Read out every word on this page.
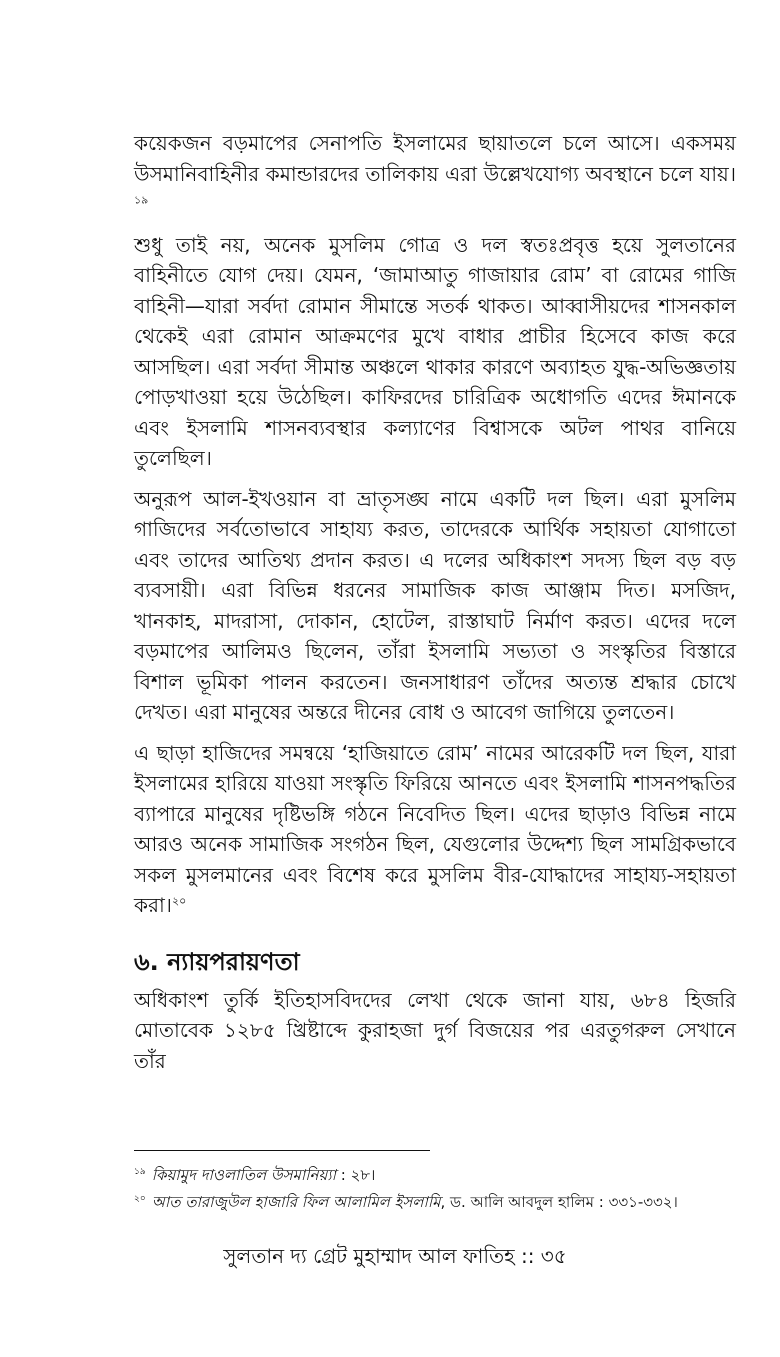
কয়েকজন বড়মাপের সেনাপতি ইসলামের ছায়াতলে চলে আসে। একসময় উসমানিবাহিনীর কমান্ডারদের তালিকায় এরা উল্লেখযোগ্য অবস্থানে চলে যায়।$^{১৯}$

শুধু তাই নয়, অনেক মুসলিম গোত্র ও দল স্বতঃপ্রবৃত্ত হয়ে সুলতানের বাহিনীতে যোগ দেয়। যেমন, ‘জামাআতু গাজায়ার রোম’ বা রোমের গাজি বাহিনী—যারা সর্বদা রোমান সীমান্তে সতর্ক থাকত। আব্বাসীয়দের শাসনকাল থেকেই এরা রোমান আক্রমণের মুখে বাধার প্রাচীর হিসেবে কাজ করে আসছিল। এরা সর্বদা সীমান্ত অঞ্চলে থাকার কারণে অব্যাহত যুদ্ধ-অভিজ্ঞতায় পোড়খাওয়া হয়ে উঠেছিল। কাফিরদের চারিত্রিক অধোগতি এদের ঈমানকে এবং ইসলামি শাসনব্যবস্থার কল্যাণের বিশ্বাসকে অটল পাথর বানিয়ে তুলেছিল।

অনুরূপ আল-ইখওয়ান বা ভ্রাতৃসঙ্ঘ নামে একটি দল ছিল। এরা মুসলিম গাজিদের সর্বতোভাবে সাহায্য করত, তাদেরকে আর্থিক সহায়তা যোগাতো এবং তাদের আতিথ্য প্রদান করত। এ দলের অধিকাংশ সদস্য ছিল বড় বড় ব্যবসায়ী। এরা বিভিন্ন ধরনের সামাজিক কাজ আঞ্জাম দিত। মসজিদ, খানকাহ, মাদরাসা, দোকান, হোটেল, রাস্তাঘাট নির্মাণ করত। এদের দলে বড়মাপের আলিমও ছিলেন, তাঁরা ইসলামি সভ্যতা ও সংস্কৃতির বিস্তারে বিশাল ভূমিকা পালন করতেন। জনসাধারণ তাঁদের অত্যন্ত শ্রদ্ধার চোখে দেখত। এরা মানুষের অন্তরে দীনের বোধ ও আবেগ জাগিয়ে তুলতেন।

এ ছাড়া হাজিদের সমন্বয়ে ‘হাজিয়াতে রোম’ নামের আরেকটি দল ছিল, যারা ইসলামের হারিয়ে যাওয়া সংস্কৃতি ফিরিয়ে আনতে এবং ইসলামি শাসনপদ্ধতির ব্যাপারে মানুষের দৃষ্টিভঙ্গি গঠনে নিবেদিত ছিল। এদের ছাড়াও বিভিন্ন নামে আরও অনেক সামাজিক সংগঠন ছিল, যেগুলোর উদ্দেশ্য ছিল সামগ্রিকভাবে সকল মুসলমানের এবং বিশেষ করে মুসলিম বীর-যোদ্ধাদের সাহায্য-সহায়তা করা।$^{২০}$

৬. ন্যায়পরায়ণতা

অধিকাংশ তুর্কি ইতিহাসবিদদের লেখা থেকে জানা যায়, ৬৮৪ হিজরি মোতাবেক ১২৮৫ খ্রিষ্টাব্দে কুরাহজা দুর্গ বিজয়ের পর এরতুগরুল সেখানে তাঁর

$^{১৯}$ কিয়ামুদ দাওলাতিল উসমানিয়্যা : ২৮।
$^{২০}$ আত তারাজুউল হাজারি ফিল আলামিল ইসলামি, ড. আলি আবদুল হালিম : ৩৩১-৩৩২।
সুলতান দ্য গ্রেট মুহাম্মাদ আল ফাতিহ :: ৩৫
